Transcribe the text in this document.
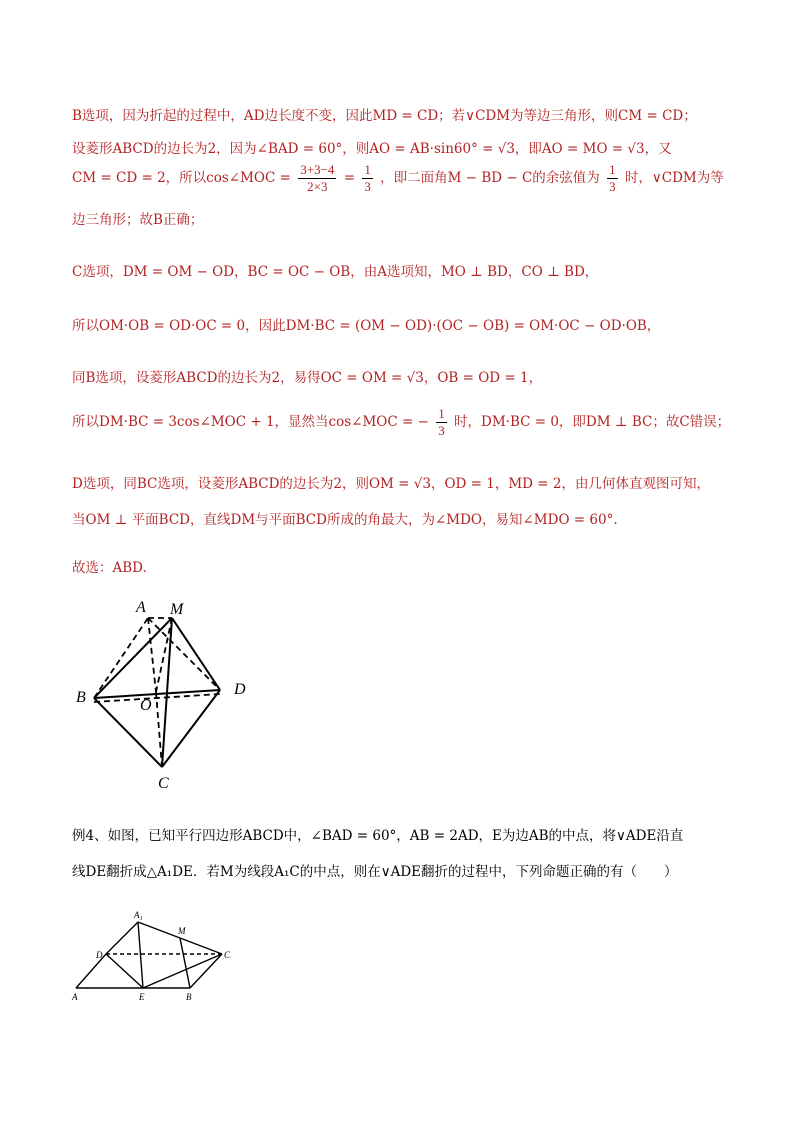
B选项，因为折起的过程中，AD边长度不变，因此MD = CD；若∨CDM为等边三角形，则CM = CD；
设菱形ABCD的边长为2，因为∠BAD = 60°，则AO = AB·sin60° = √3，即AO = MO = √3，又
CM = CD = 2，所以cos∠MOC = $\frac{3+3-4}{2\times 3} = \frac{1}{3}$ ，即二面角M − BD − C的余弦值为 $\frac{1}{3}$ 时，∨CDM为等
边三角形；故B正确；
C选项，DM = OM − OD，BC = OC − OB，由A选项知，MO ⊥ BD，CO ⊥ BD，
所以OM·OB = OD·OC = 0，因此DM·BC = (OM − OD)·(OC − OB) = OM·OC − OD·OB，
同B选项，设菱形ABCD的边长为2，易得OC = OM = √3，OB = OD = 1，
所以DM·BC = 3cos∠MOC + 1，显然当cos∠MOC = − $\frac{1}{3}$ 时，DM·BC = 0，即DM ⊥ BC；故C错误；
D选项，同BC选项，设菱形ABCD的边长为2，则OM = √3，OD = 1，MD = 2，由几何体直观图可知，
当OM ⊥ 平面BCD，直线DM与平面BCD所成的角最大，为∠MDO，易知∠MDO = 60°.
故选：ABD.
A M
B	O
D
C
例4、如图，已知平行四边形ABCD中，∠BAD = 60°，AB = 2AD，E为边AB的中点，将∨ADE沿直
线DE翻折成△A₁DE．若M为线段A₁C的中点，则在∨ADE翻折的过程中，下列命题正确的有（　　）
A₁
M
D	C
A	E	B
